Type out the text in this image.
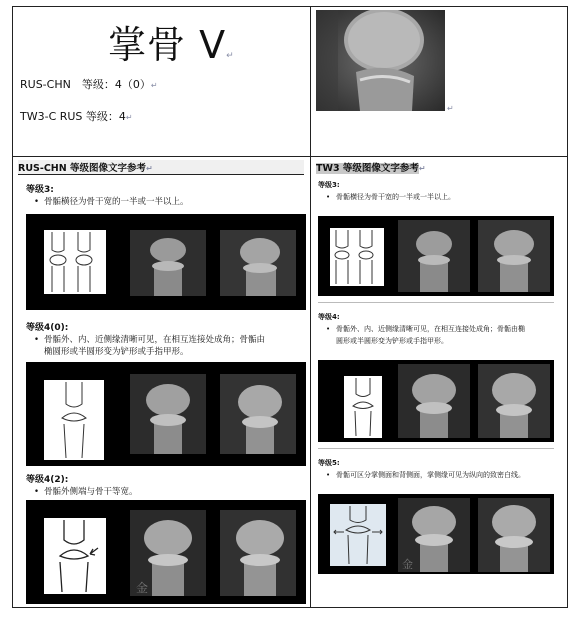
掌骨 V↵
RUS-CHN　等级：4（0）↵
TW3-C RUS 等级：4↵
↵
RUS-CHN 等级图像文字参考↵	TW3 等级图像文字参考↵
等级3:
• 骨骺横径为骨干宽的一半或一半以上。
等级4(0):
• 骨骺外、内、近侧缘清晰可见，在相互连接处成角；骨骺由
椭圆形或半圆形变为铲形或手指甲形。
等级4(2):
• 骨骺外侧端与骨干等宽。
金
等级3:
• 骨骺横径为骨干宽的一半或一半以上。
等级4:
• 骨骺外、内、近侧缘清晰可见，在相互连接处成角；骨骺由椭
圆形或半圆形变为铲形或手指甲形。
等级5:
• 骨骺可区分掌侧面和背侧面，掌侧缘可见为纵向的致密白线。
金
